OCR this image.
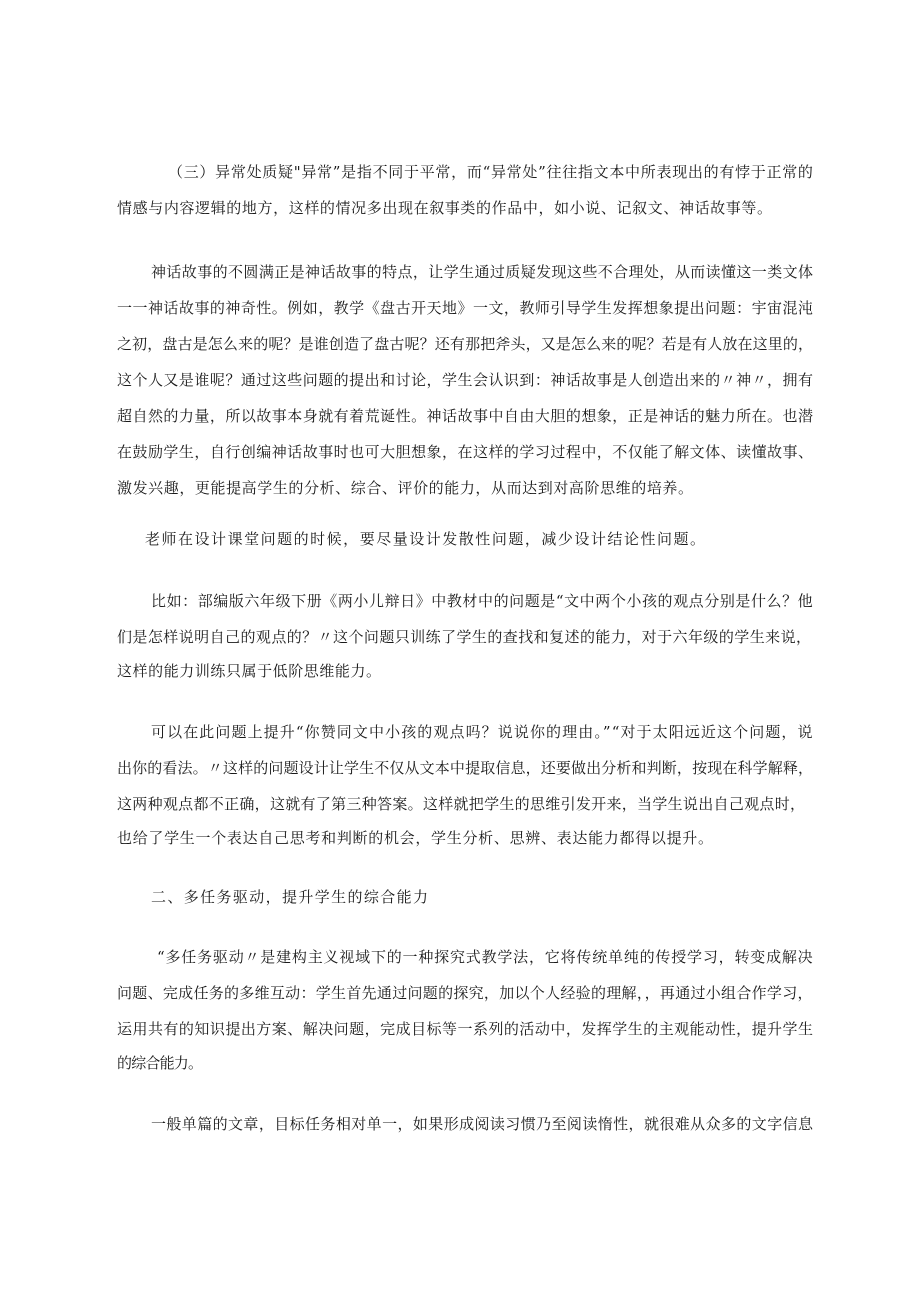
（三）异常处质疑"异常”是指不同于平常，而“异常处”往往指文本中所表现出的有悖于正常的
情感与内容逻辑的地方，这样的情况多出现在叙事类的作品中，如小说、记叙文、神话故事等。
神话故事的不圆满正是神话故事的特点，让学生通过质疑发现这些不合理处，从而读懂这一类文体
一一神话故事的神奇性。例如，教学《盘古开天地》一文，教师引导学生发挥想象提出问题：宇宙混沌
之初，盘古是怎么来的呢？是谁创造了盘古呢？还有那把斧头，又是怎么来的呢？若是有人放在这里的，
这个人又是谁呢？通过这些问题的提出和讨论，学生会认识到：神话故事是人创造出来的〃神〃，拥有
超自然的力量，所以故事本身就有着荒诞性。神话故事中自由大胆的想象，正是神话的魅力所在。也潜
在鼓励学生，自行创编神话故事时也可大胆想象，在这样的学习过程中，不仅能了解文体、读懂故事、
激发兴趣，更能提高学生的分析、综合、评价的能力，从而达到对高阶思维的培养。
老师在设计课堂问题的时候，要尽量设计发散性问题，减少设计结论性问题。
比如：部编版六年级下册《两小儿辩日》中教材中的问题是“文中两个小孩的观点分别是什么？他
们是怎样说明自己的观点的？〃这个问题只训练了学生的查找和复述的能力，对于六年级的学生来说，
这样的能力训练只属于低阶思维能力。
可以在此问题上提升“你赞同文中小孩的观点吗？说说你的理由。”“对于太阳远近这个问题，说
出你的看法。〃这样的问题设计让学生不仅从文本中提取信息，还要做出分析和判断，按现在科学解释，
这两种观点都不正确，这就有了第三种答案。这样就把学生的思维引发开来，当学生说出自己观点时，
也给了学生一个表达自己思考和判断的机会，学生分析、思辨、表达能力都得以提升。
二、多任务驱动，提升学生的综合能力
“多任务驱动〃是建构主义视域下的一种探究式教学法，它将传统单纯的传授学习，转变成解决
问题、完成任务的多维互动：学生首先通过问题的探究，加以个人经验的理解，，再通过小组合作学习，
运用共有的知识提出方案、解决问题，完成目标等一系列的活动中，发挥学生的主观能动性，提升学生
的综合能力。
一般单篇的文章，目标任务相对单一，如果形成阅读习惯乃至阅读惰性，就很难从众多的文字信息
